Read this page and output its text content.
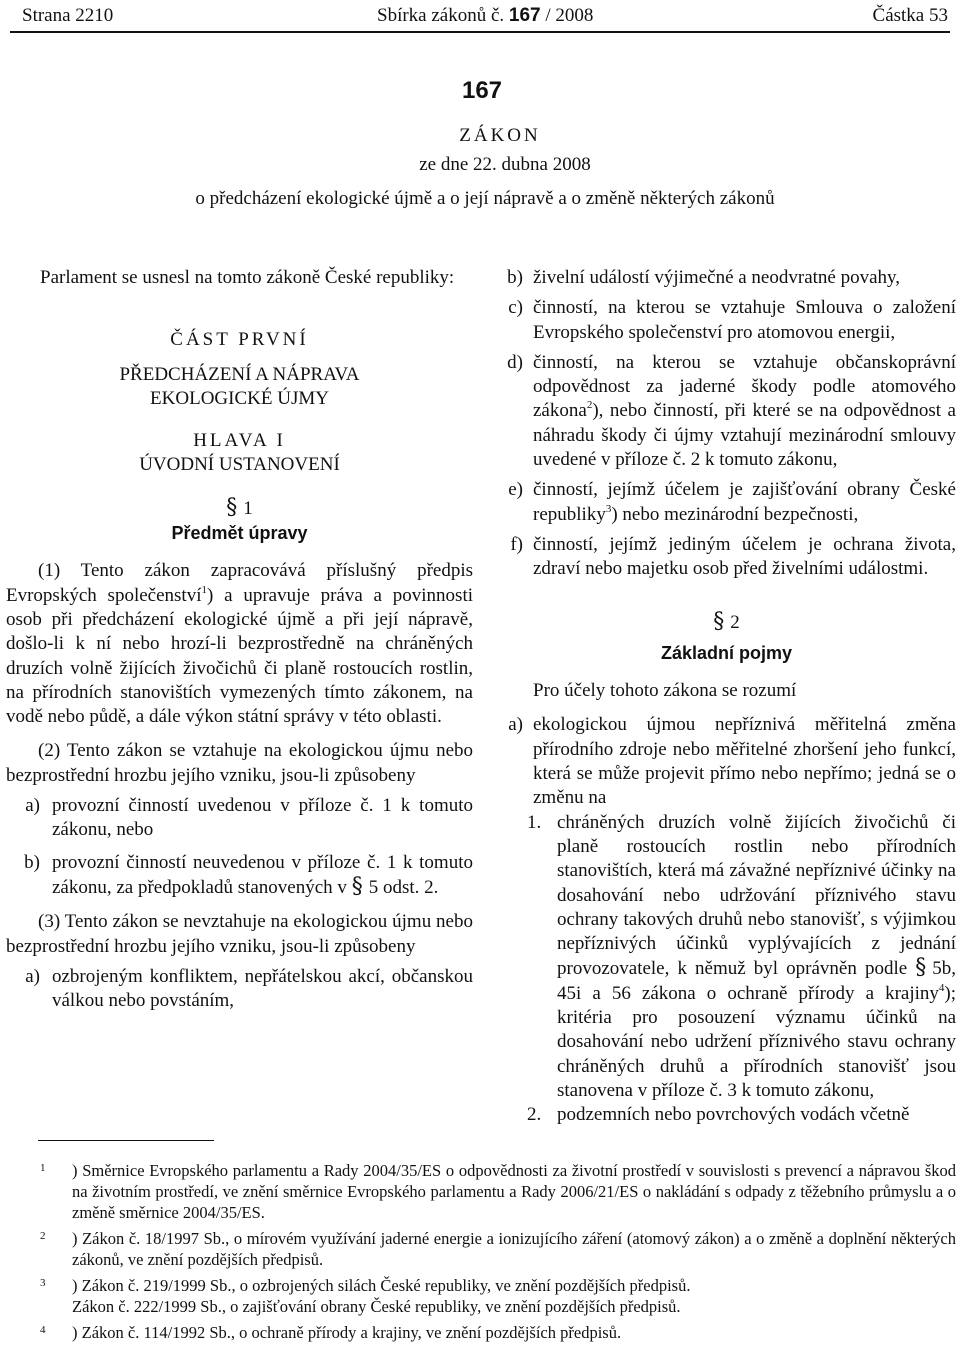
Strana 2210	Sbírka zákonů č. 167 / 2008	Částka 53
167
ZÁKON
ze dne 22. dubna 2008
o předcházení ekologické újmě a o její nápravě a o změně některých zákonů

Parlament se usnesl na tomto zákoně České republiky:

ČÁST PRVNÍ

PŘEDCHÁZENÍ A NÁPRAVA

EKOLOGICKÉ ÚJMY

HLAVA I

ÚVODNÍ USTANOVENÍ

§ 1

Předmět úpravy

(1) Tento zákon zapracovává příslušný předpis Evropských společenství$^1$) a upravuje práva a povinnosti osob při předcházení ekologické újmě a při její nápravě, došlo-li k ní nebo hrozí-li bezprostředně na chráněných druzích volně žijících živočichů či planě rostoucích rostlin, na přírodních stanovištích vymezených tímto zákonem, na vodě nebo půdě, a dále výkon státní správy v této oblasti.

(2) Tento zákon se vztahuje na ekologickou újmu nebo bezprostřední hrozbu jejího vzniku, jsou-li způsobeny

a) provozní činností uvedenou v příloze č. 1 k tomuto zákonu, nebo
b) provozní činností neuvedenou v příloze č. 1 k tomuto zákonu, za předpokladů stanovených v § 5 odst. 2.

(3) Tento zákon se nevztahuje na ekologickou újmu nebo bezprostřední hrozbu jejího vzniku, jsou-li způsobeny

a) ozbrojeným konfliktem, nepřátelskou akcí, občanskou válkou nebo povstáním,
b) živelní událostí výjimečné a neodvratné povahy,
c) činností, na kterou se vztahuje Smlouva o založení Evropského společenství pro atomovou energii,
d) činností, na kterou se vztahuje občanskoprávní odpovědnost za jaderné škody podle atomového zákona$^2$), nebo činností, při které se na odpovědnost a náhradu škody či újmy vztahují mezinárodní smlouvy uvedené v příloze č. 2 k tomuto zákonu,
e) činností, jejímž účelem je zajišťování obrany České republiky$^3$) nebo mezinárodní bezpečnosti,
f) činností, jejímž jediným účelem je ochrana života, zdraví nebo majetku osob před živelními událostmi.

§ 2

Základní pojmy

Pro účely tohoto zákona se rozumí

a) ekologickou újmou nepříznivá měřitelná změna přírodního zdroje nebo měřitelné zhoršení jeho funkcí, která se může projevit přímo nebo nepřímo; jedná se o změnu na
1. chráněných druzích volně žijících živočichů či planě rostoucích rostlin nebo přírodních stanovištích, která má závažné nepříznivé účinky na dosahování nebo udržování příznivého stavu ochrany takových druhů nebo stanovišť, s výjimkou nepříznivých účinků vyplývajících z jednání provozovatele, k němuž byl oprávněn podle § 5b, 45i a 56 zákona o ochraně přírody a krajiny$^4$); kritéria pro posouzení významu účinků na dosahování nebo udržení příznivého stavu ochrany chráněných druhů a přírodních stanovišť jsou stanovena v příloze č. 3 k tomuto zákonu,
2. podzemních nebo povrchových vodách včetně
1 ) Směrnice Evropského parlamentu a Rady 2004/35/ES o odpovědnosti za životní prostředí v souvislosti s prevencí a nápravou škod na životním prostředí, ve znění směrnice Evropského parlamentu a Rady 2006/21/ES o nakládání s odpady z těžebního průmyslu a o změně směrnice 2004/35/ES.
2 ) Zákon č. 18/1997 Sb., o mírovém využívání jaderné energie a ionizujícího záření (atomový zákon) a o změně a doplnění některých zákonů, ve znění pozdějších předpisů.
3 ) Zákon č. 219/1999 Sb., o ozbrojených silách České republiky, ve znění pozdějších předpisů.
Zákon č. 222/1999 Sb., o zajišťování obrany České republiky, ve znění pozdějších předpisů.
4 ) Zákon č. 114/1992 Sb., o ochraně přírody a krajiny, ve znění pozdějších předpisů.
